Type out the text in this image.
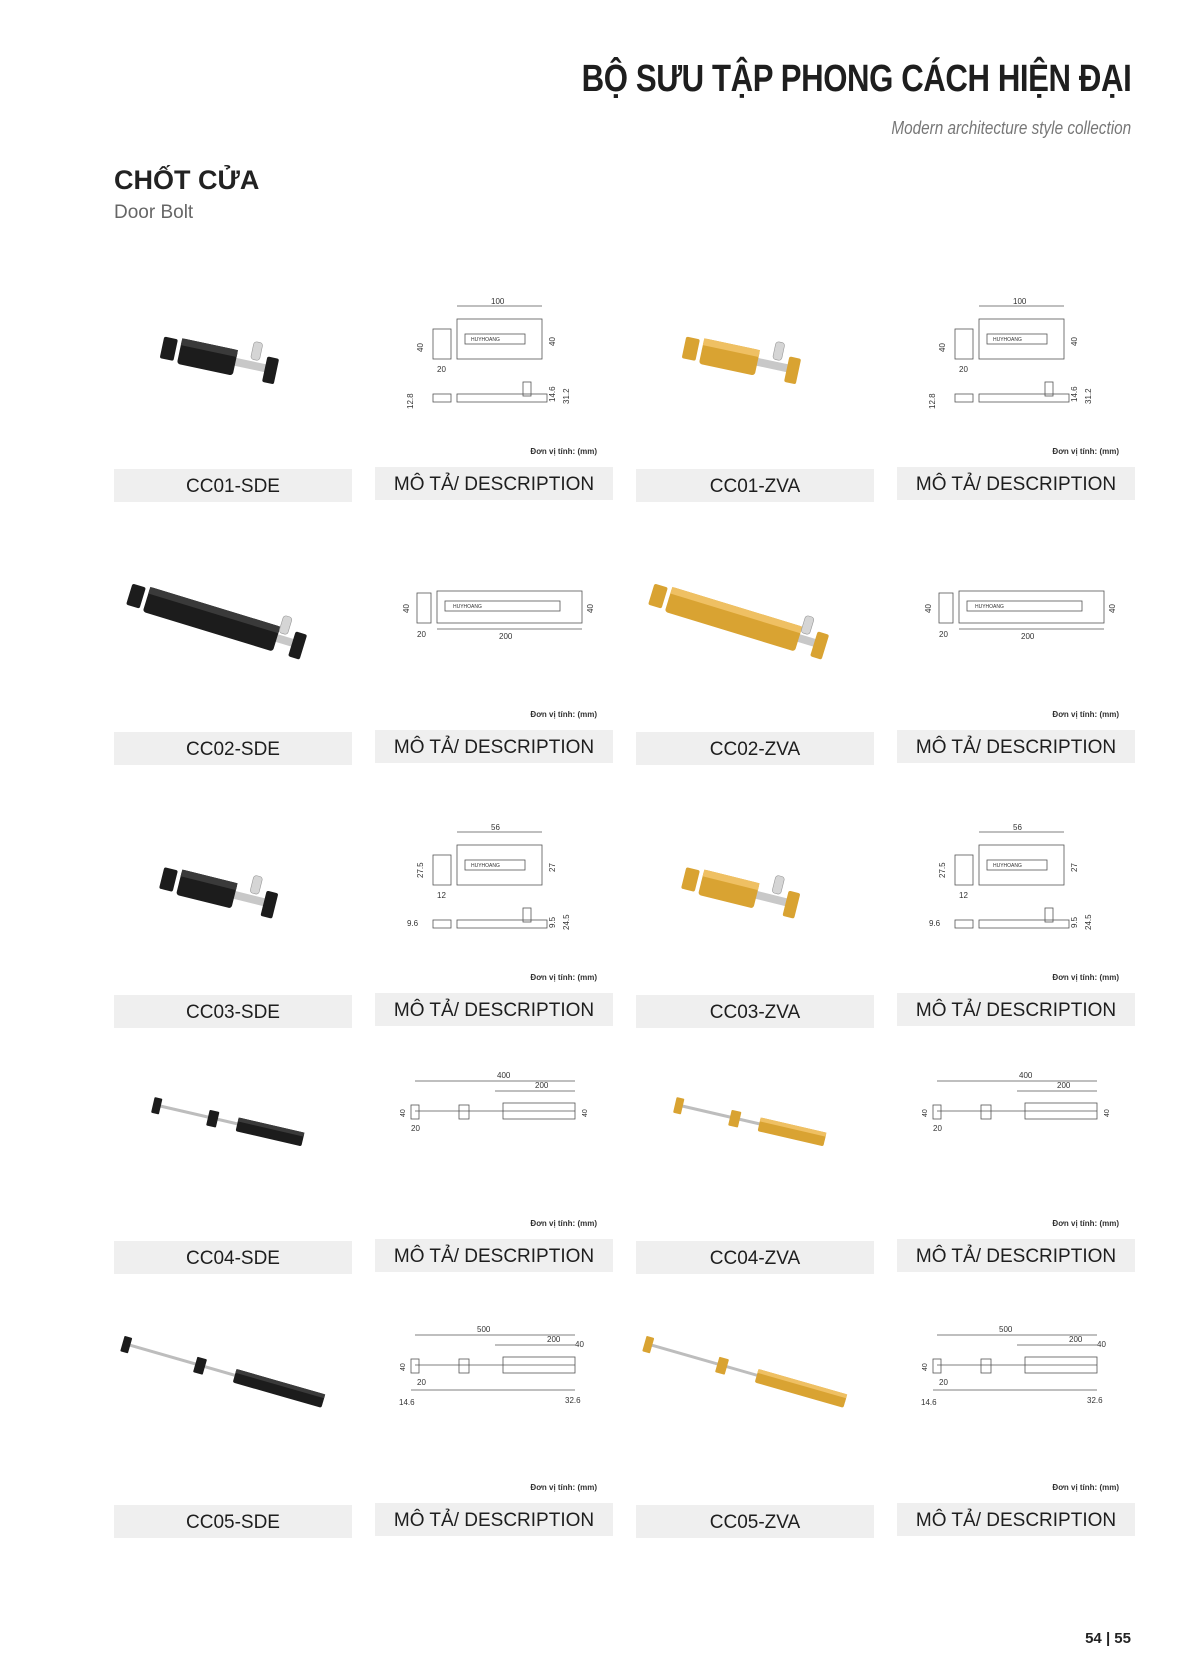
BỘ SƯU TẬP PHONG CÁCH HIỆN ĐẠI
Modern architecture style collection
CHỐT CỬA
Door Bolt
CC01-SDE
100
40
40
20
HUYHOANG
12.8	14.6 31.2
Đơn vị tính: (mm)
MÔ TẢ/ DESCRIPTION	CC01-ZVA
100
40
40
20
HUYHOANG
12.8	14.6 31.2
Đơn vị tính: (mm)
MÔ TẢ/ DESCRIPTION
CC02-SDE
200
40	40
20
HUYHOANG
Đơn vị tính: (mm)
MÔ TẢ/ DESCRIPTION	CC02-ZVA
200
40	40
20
HUYHOANG
Đơn vị tính: (mm)
MÔ TẢ/ DESCRIPTION
CC03-SDE
56
27.5	27
12
HUYHOANG
9.6	9.5 24.5
Đơn vị tính: (mm)
MÔ TẢ/ DESCRIPTION	CC03-ZVA
56
27.5	27
12
HUYHOANG
9.6	9.5 24.5
Đơn vị tính: (mm)
MÔ TẢ/ DESCRIPTION
CC04-SDE
400
200
40	40
20
Đơn vị tính: (mm)
MÔ TẢ/ DESCRIPTION	CC04-ZVA
400
200
40	40
20
Đơn vị tính: (mm)
MÔ TẢ/ DESCRIPTION
CC05-SDE
500
200
40
40
20
14.6	32.6
Đơn vị tính: (mm)
MÔ TẢ/ DESCRIPTION	CC05-ZVA
500
200
40
40
20
14.6	32.6
Đơn vị tính: (mm)
MÔ TẢ/ DESCRIPTION
54 | 55
